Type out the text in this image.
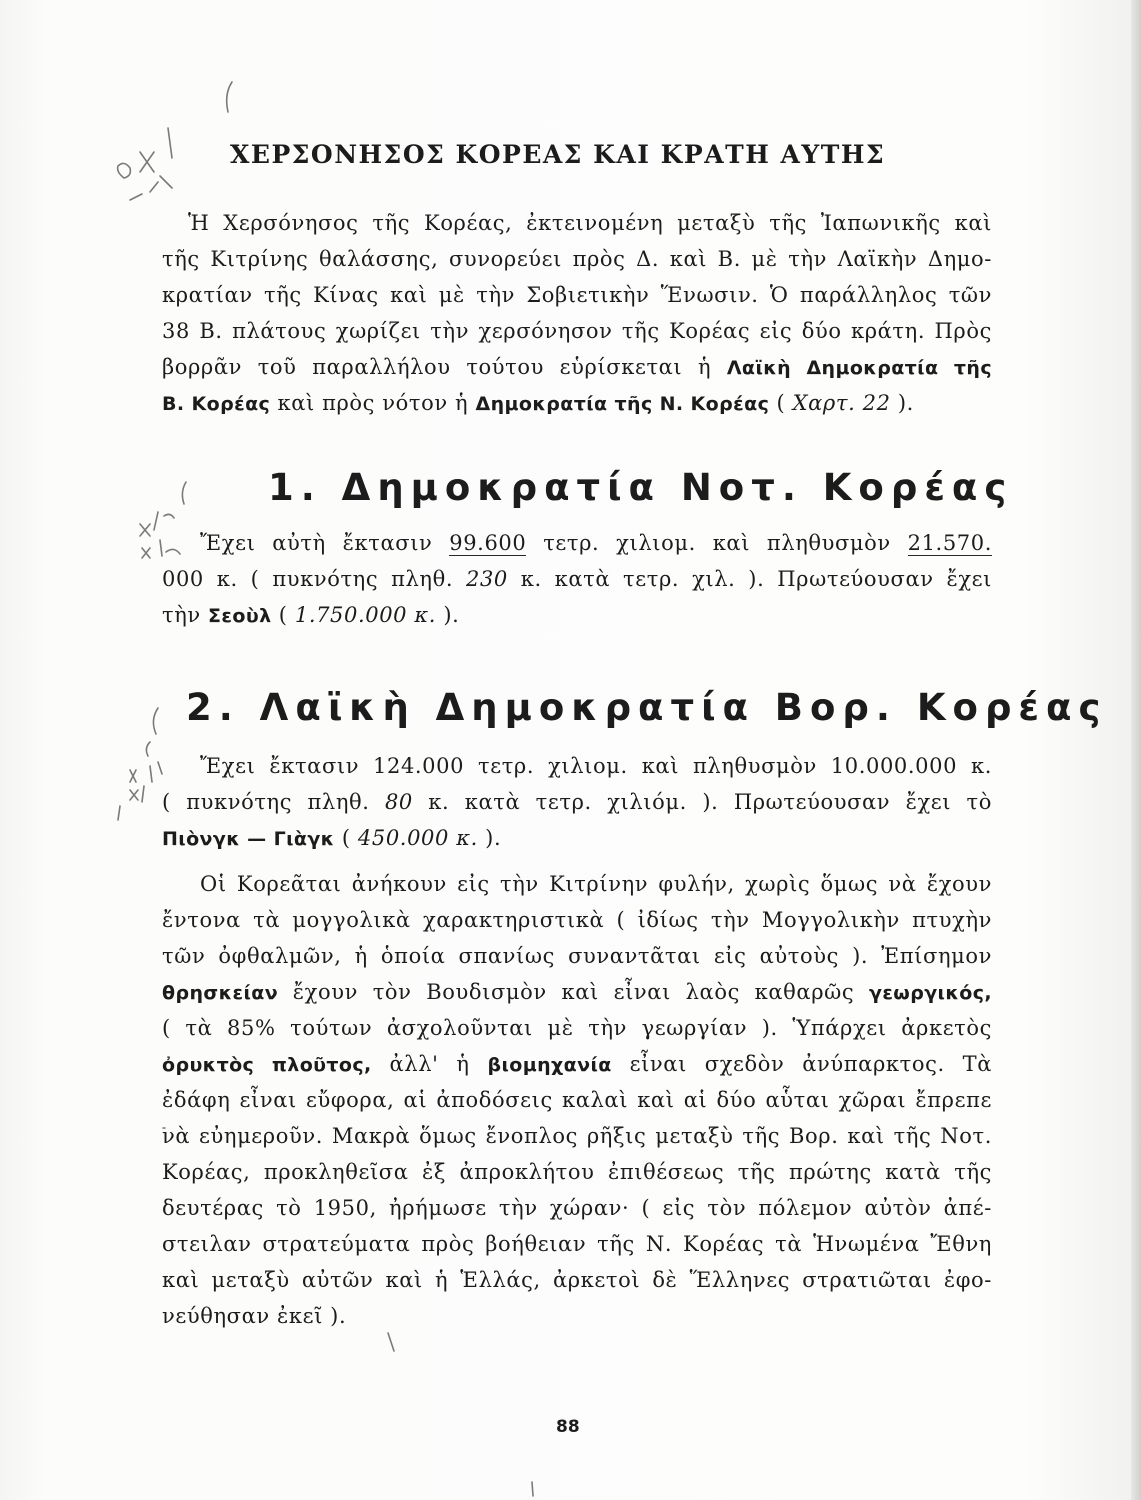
ΧΕΡΣΟΝΗΣΟΣ ΚΟΡΕΑΣ ΚΑΙ ΚΡΑΤΗ ΑΥΤΗΣ
Ἡ Χερσόνησος τῆς Κορέας, ἐκτεινομένη μεταξὺ τῆς Ἰαπωνικῆς καὶ
τῆς Κιτρίνης θαλάσσης, συνορεύει πρὸς Δ. καὶ Β. μὲ τὴν Λαϊκὴν Δημο-
κρατίαν τῆς Κίνας καὶ μὲ τὴν Σοβιετικὴν Ἕνωσιν. Ὁ παράλληλος τῶν
38 Β. πλάτους χωρίζει τὴν χερσόνησον τῆς Κορέας εἰς δύο κράτη. Πρὸς
βορρᾶν τοῦ παραλλήλου τούτου εὑρίσκεται ἡ Λαϊκὴ Δημοκρατία τῆς
Β. Κορέας καὶ πρὸς νότον ἡ Δημοκρατία τῆς Ν. Κορέας ( Χαρτ. 22 ).
1. Δημοκρατία Νοτ. Κορέας
Ἔχει αὐτὴ ἔκτασιν 99.600 τετρ. χιλιομ. καὶ πληθυσμὸν 21.570.
000 κ. ( πυκνότης πληθ. 230 κ. κατὰ τετρ. χιλ. ). Πρωτεύουσαν ἔχει
τὴν Σεοὺλ ( 1.750.000 κ. ).
2. Λαϊκὴ Δημοκρατία Βορ. Κορέας
Ἔχει ἔκτασιν 124.000 τετρ. χιλιομ. καὶ πληθυσμὸν 10.000.000 κ.
( πυκνότης πληθ. 80 κ. κατὰ τετρ. χιλιόμ. ). Πρωτεύουσαν ἔχει τὸ
Πιὸνγκ — Γιὰγκ ( 450.000 κ. ).
Οἱ Κορεᾶται ἀνήκουν εἰς τὴν Κιτρίνην φυλήν, χωρὶς ὅμως νὰ ἔχουν
ἔντονα τὰ μογγολικὰ χαρακτηριστικὰ ( ἰδίως τὴν Μογγολικὴν πτυχὴν
τῶν ὀφθαλμῶν, ἡ ὁποία σπανίως συναντᾶται εἰς αὐτοὺς ). Ἐπίσημον
θρησκείαν ἔχουν τὸν Βουδισμὸν καὶ εἶναι λαὸς καθαρῶς γεωργικός,
( τὰ 85% τούτων ἀσχολοῦνται μὲ τὴν γεωργίαν ). Ὑπάρχει ἀρκετὸς
ὀρυκτὸς πλοῦτος, ἀλλ' ἡ βιομηχανία εἶναι σχεδὸν ἀνύπαρκτος. Τὰ
ἐδάφη εἶναι εὔφορα, αἱ ἀποδόσεις καλαὶ καὶ αἱ δύο αὗται χῶραι ἔπρεπε
νὰ εὐημεροῦν. Μακρὰ ὅμως ἔνοπλος ρῆξις μεταξὺ τῆς Βορ. καὶ τῆς Νοτ.
Κορέας, προκληθεῖσα ἐξ ἀπροκλήτου ἐπιθέσεως τῆς πρώτης κατὰ τῆς
δευτέρας τὸ 1950, ἠρήμωσε τὴν χώραν· ( εἰς τὸν πόλεμον αὐτὸν ἀπέ-
στειλαν στρατεύματα πρὸς βοήθειαν τῆς Ν. Κορέας τὰ Ἡνωμένα Ἔθνη
καὶ μεταξὺ αὐτῶν καὶ ἡ Ἑλλάς, ἀρκετοὶ δὲ Ἕλληνες στρατιῶται ἐφο-
νεύθησαν ἐκεῖ ).
88
